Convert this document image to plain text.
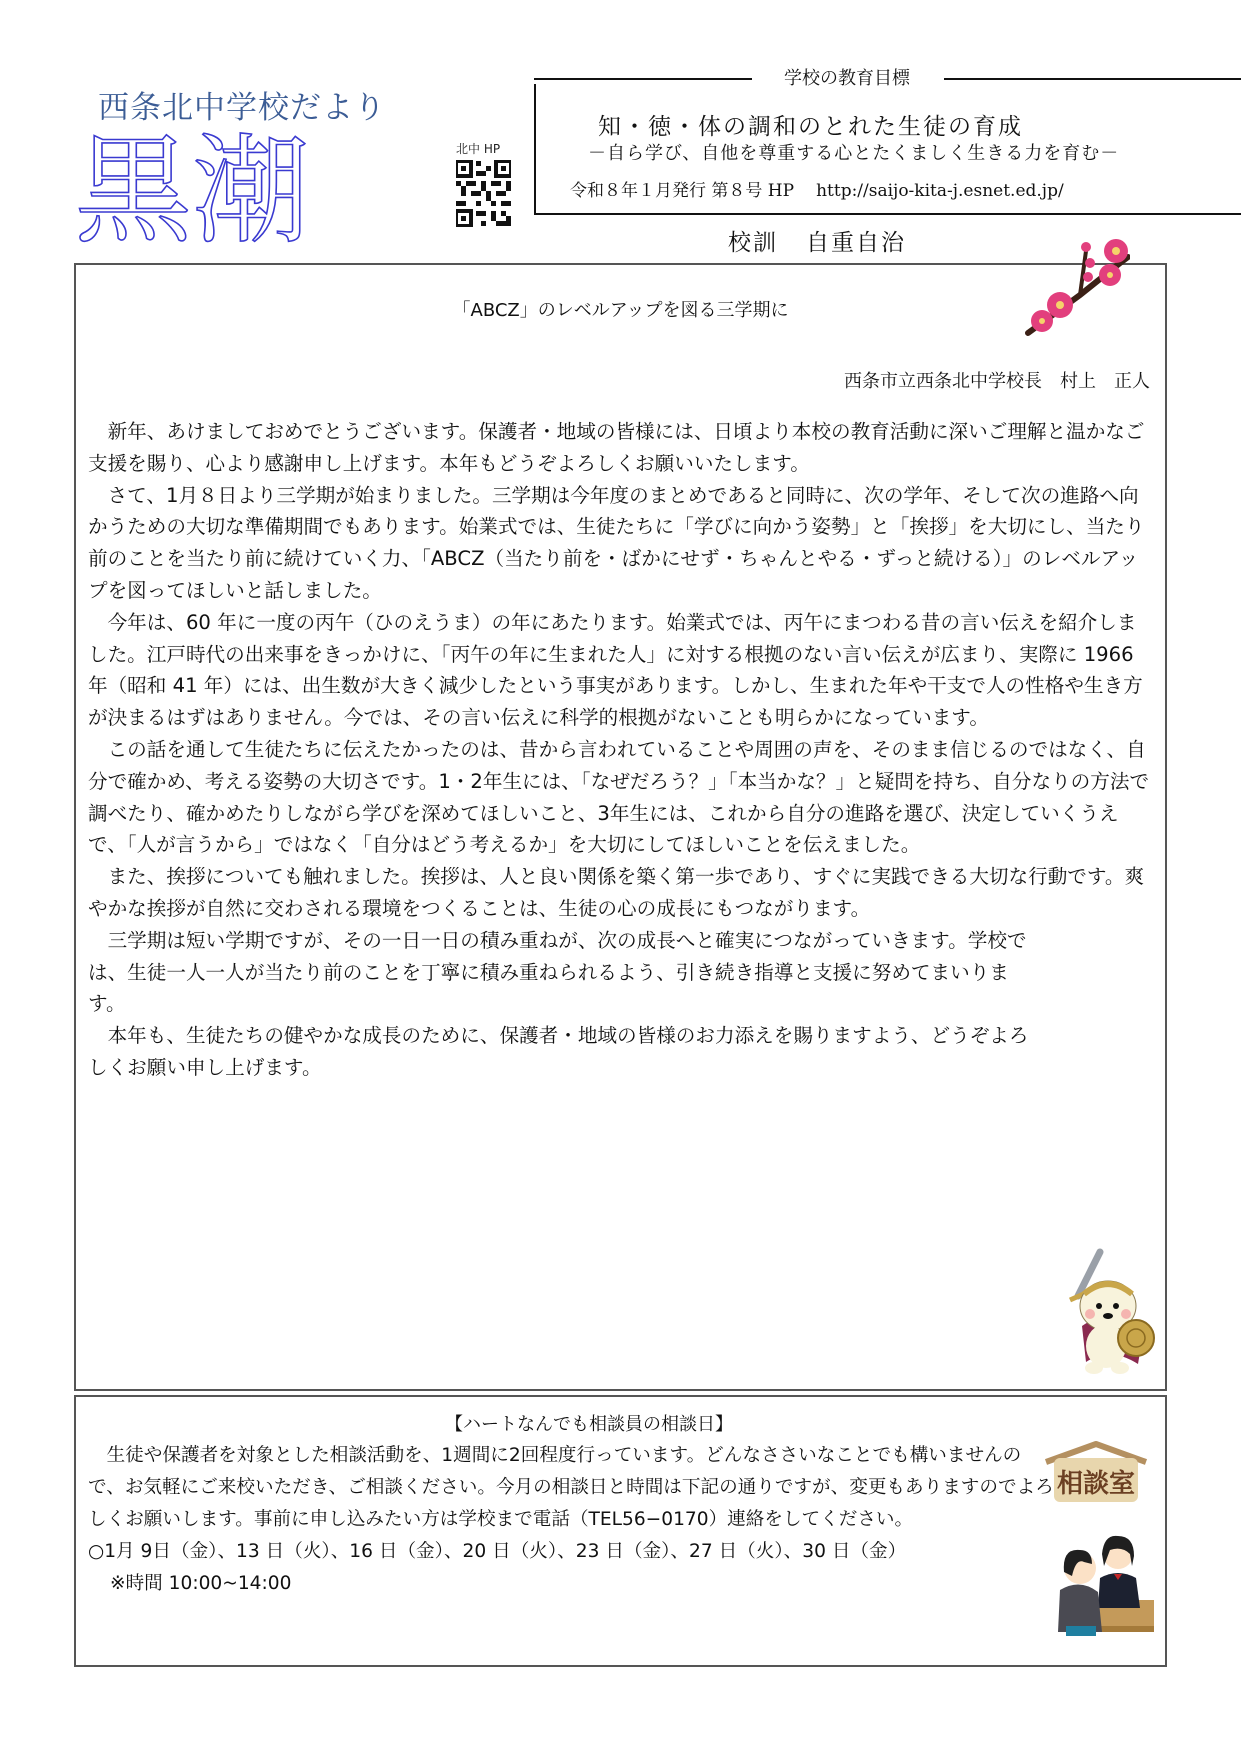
西条北中学校だより
黒潮	北中 HP
学校の教育目標
知・徳・体の調和のとれた生徒の育成
－自ら学び、自他を尊重する心とたくましく生きる力を育む－
令和８年１月発行 第８号 HP http://saijo-kita-j.esnet.ed.jp/
校訓 自重自治
「ABCZ」のレベルアップを図る三学期に
西条市立西条北中学校長　村上　正人

新年、あけましておめでとうございます。保護者・地域の皆様には、日頃より本校の教育活動に深いご理解と温かなご支援を賜り、心より感謝申し上げます。本年もどうぞよろしくお願いいたします。

さて、1月８日より三学期が始まりました。三学期は今年度のまとめであると同時に、次の学年、そして次の進路へ向かうための大切な準備期間でもあります。始業式では、生徒たちに「学びに向かう姿勢」と「挨拶」を大切にし、当たり前のことを当たり前に続けていく力、「ABCZ（当たり前を・ばかにせず・ちゃんとやる・ずっと続ける）」のレベルアップを図ってほしいと話しました。

今年は、60 年に一度の丙午（ひのえうま）の年にあたります。始業式では、丙午にまつわる昔の言い伝えを紹介しました。江戸時代の出来事をきっかけに、「丙午の年に生まれた人」に対する根拠のない言い伝えが広まり、実際に 1966 年（昭和 41 年）には、出生数が大きく減少したという事実があります。しかし、生まれた年や干支で人の性格や生き方が決まるはずはありません。今では、その言い伝えに科学的根拠がないことも明らかになっています。

この話を通して生徒たちに伝えたかったのは、昔から言われていることや周囲の声を、そのまま信じるのではなく、自分で確かめ、考える姿勢の大切さです。1・2年生には、「なぜだろう？」「本当かな？」と疑問を持ち、自分なりの方法で調べたり、確かめたりしながら学びを深めてほしいこと、3年生には、これから自分の進路を選び、決定していくうえで、「人が言うから」ではなく「自分はどう考えるか」を大切にしてほしいことを伝えました。

また、挨拶についても触れました。挨拶は、人と良い関係を築く第一歩であり、すぐに実践できる大切な行動です。爽やかな挨拶が自然に交わされる環境をつくることは、生徒の心の成長にもつながります。

三学期は短い学期ですが、その一日一日の積み重ねが、次の成長へと確実につながっていきます。学校では、生徒一人一人が当たり前のことを丁寧に積み重ねられるよう、引き続き指導と支援に努めてまいります。

本年も、生徒たちの健やかな成長のために、保護者・地域の皆様のお力添えを賜りますよう、どうぞよろしくお願い申し上げます。

【ハートなんでも相談員の相談日】

生徒や保護者を対象とした相談活動を、1週間に2回程度行っています。どんなささいなことでも構いませんので、お気軽にご来校いただき、ご相談ください。今月の相談日と時間は下記の通りですが、変更もありますのでよろしくお願いします。事前に申し込みたい方は学校まで電話（TEL56−0170）連絡をしてください。

○1月 9日（金）、13 日（火）、16 日（金）、20 日（火）、23 日（金）、27 日（火）、30 日（金）

※時間 10:00~14:00

相談室
